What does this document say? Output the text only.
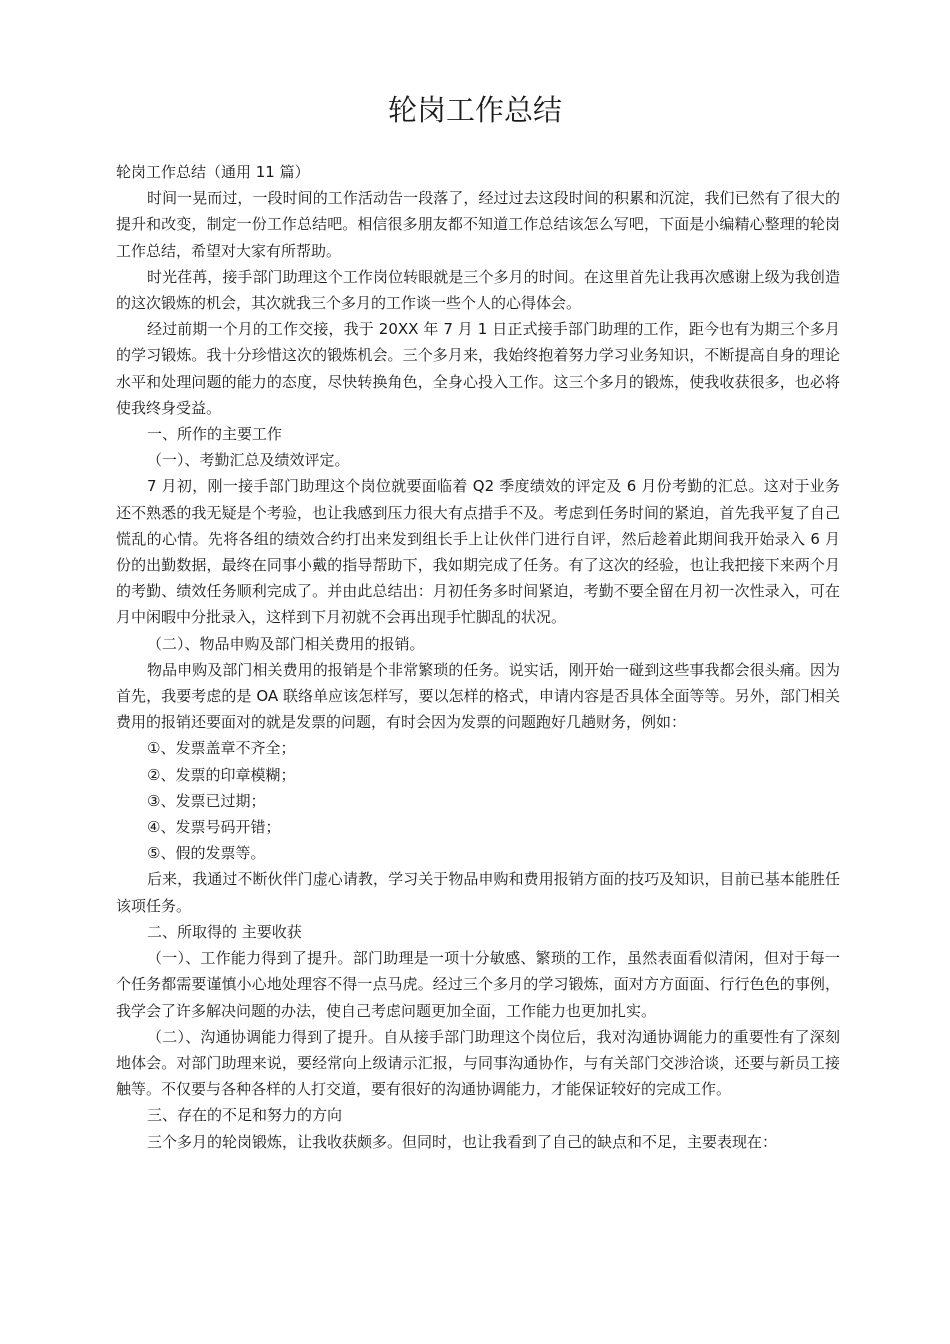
轮岗工作总结

轮岗工作总结（通用 11 篇）

时间一晃而过，一段时间的工作活动告一段落了，经过过去这段时间的积累和沉淀，我们已然有了很大的提升和改变，制定一份工作总结吧。相信很多朋友都不知道工作总结该怎么写吧，下面是小编精心整理的轮岗工作总结，希望对大家有所帮助。

时光荏苒，接手部门助理这个工作岗位转眼就是三个多月的时间。在这里首先让我再次感谢上级为我创造的这次锻炼的机会，其次就我三个多月的工作谈一些个人的心得体会。

经过前期一个月的工作交接，我于 20XX 年 7 月 1 日正式接手部门助理的工作，距今也有为期三个多月的学习锻炼。我十分珍惜这次的锻炼机会。三个多月来，我始终抱着努力学习业务知识，不断提高自身的理论水平和处理问题的能力的态度，尽快转换角色，全身心投入工作。这三个多月的锻炼，使我收获很多，也必将使我终身受益。

一、所作的主要工作

（一）、考勤汇总及绩效评定。

7 月初，刚一接手部门助理这个岗位就要面临着 Q2 季度绩效的评定及 6 月份考勤的汇总。这对于业务还不熟悉的我无疑是个考验，也让我感到压力很大有点措手不及。考虑到任务时间的紧迫，首先我平复了自己慌乱的心情。先将各组的绩效合约打出来发到组长手上让伙伴门进行自评，然后趁着此期间我开始录入 6 月份的出勤数据，最终在同事小戴的指导帮助下，我如期完成了任务。有了这次的经验，也让我把接下来两个月的考勤、绩效任务顺利完成了。并由此总结出：月初任务多时间紧迫，考勤不要全留在月初一次性录入，可在月中闲暇中分批录入，这样到下月初就不会再出现手忙脚乱的状况。

（二）、物品申购及部门相关费用的报销。

物品申购及部门相关费用的报销是个非常繁琐的任务。说实话，刚开始一碰到这些事我都会很头痛。因为首先，我要考虑的是 OA 联络单应该怎样写，要以怎样的格式，申请内容是否具体全面等等。另外，部门相关费用的报销还要面对的就是发票的问题，有时会因为发票的问题跑好几趟财务，例如：

①、发票盖章不齐全；

②、发票的印章模糊；

③、发票已过期；

④、发票号码开错；

⑤、假的发票等。

后来，我通过不断伙伴门虚心请教，学习关于物品申购和费用报销方面的技巧及知识，目前已基本能胜任该项任务。

二、所取得的 主要收获

（一）、工作能力得到了提升。部门助理是一项十分敏感、繁琐的工作，虽然表面看似清闲，但对于每一个任务都需要谨慎小心地处理容不得一点马虎。经过三个多月的学习锻炼，面对方方面面、行行色色的事例，我学会了许多解决问题的办法，使自己考虑问题更加全面，工作能力也更加扎实。

（二）、沟通协调能力得到了提升。自从接手部门助理这个岗位后，我对沟通协调能力的重要性有了深刻地体会。对部门助理来说，要经常向上级请示汇报，与同事沟通协作，与有关部门交涉洽谈，还要与新员工接触等。不仅要与各种各样的人打交道，要有很好的沟通协调能力，才能保证较好的完成工作。

三、存在的不足和努力的方向

三个多月的轮岗锻炼，让我收获颇多。但同时，也让我看到了自己的缺点和不足，主要表现在：
